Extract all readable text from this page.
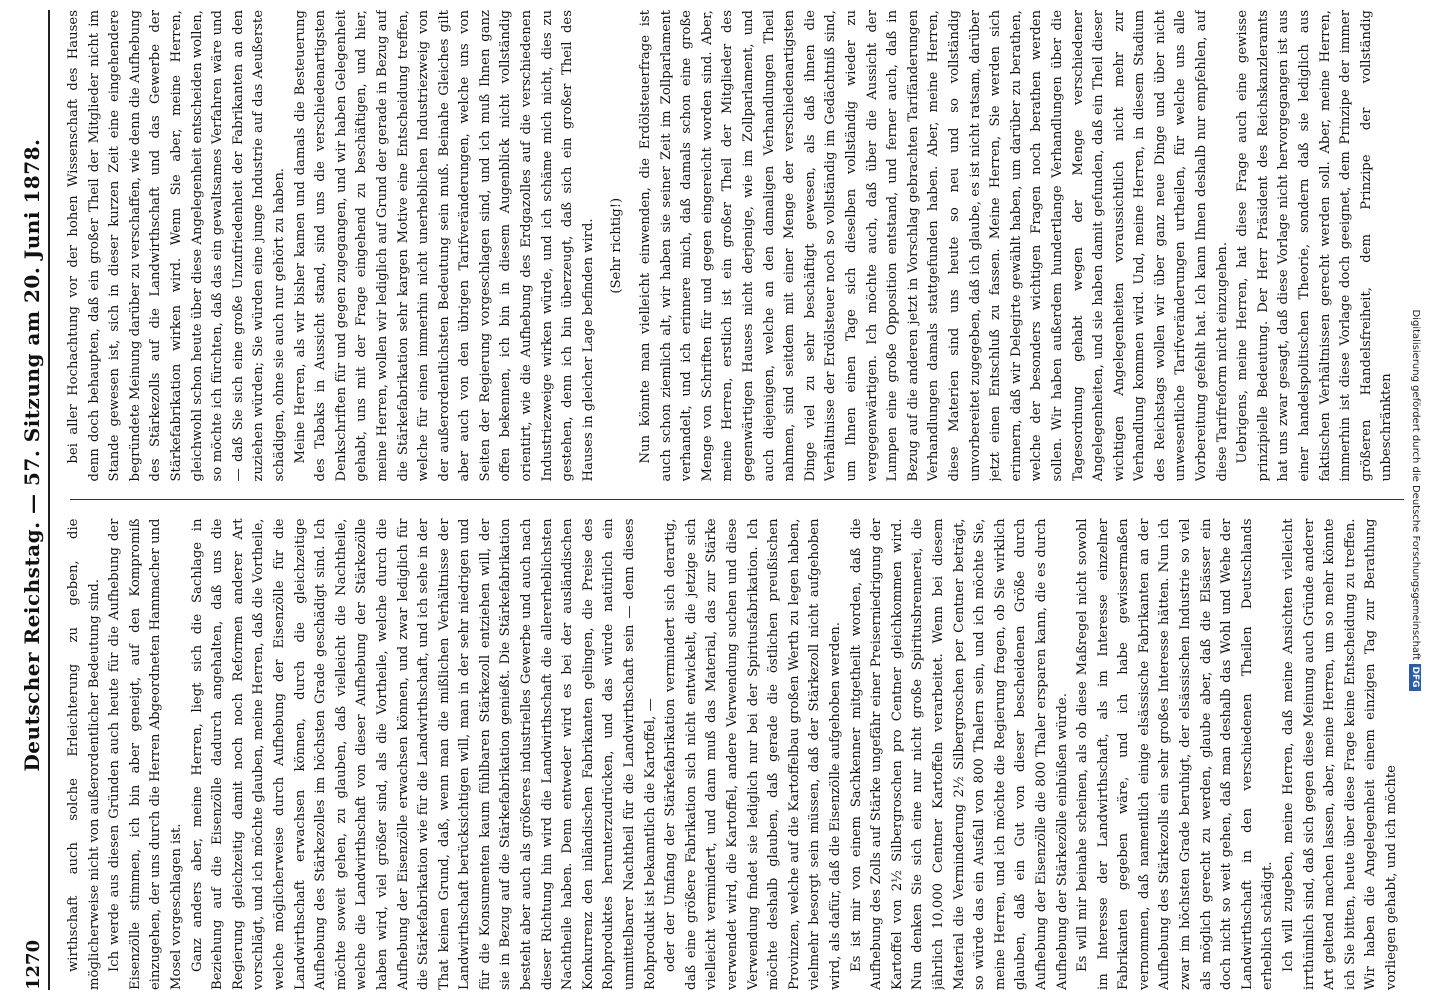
1270
Deutscher Reichstag. — 57. Sitzung am 20. Juni 1878. wirthschaft auch solche Erleichterung zu geben, die möglicherweise nicht von außerordentlicher Bedeutung sind. Ich werde aus diesen Gründen auch heute für die Aufhebung der Eisenzölle stimmen, ich bin aber geneigt, auf den Kompromiß einzugehen, der uns durch die Herren Abgeordneten Hammacher und Mosel vorgeschlagen ist. Ganz anders aber, meine Herren, liegt sich die Sachlage in Beziehung auf die Eisenzölle dadurch angehalten, daß uns die Regierung gleichzeitig damit noch noch Reformen anderer Art vorschlägt, und ich möchte glauben, meine Herren, daß die Vortheile, welche möglicherweise durch Aufhebung der Eisenzölle für die Landwirthschaft erwachsen können, durch die gleichzeitige Aufhebung des Stärkezolles im höchsten Grade geschädigt sind. Ich möchte soweit gehen, zu glauben, daß vielleicht die Nachtheile, welche die Landwirthschaft von dieser Aufhebung der Stärkezölle haben wird, viel größer sind, als die Vortheile, welche durch die Aufhebung der Eisenzölle erwachsen können, und zwar lediglich für die Stärkefabrikation wie für die Landwirthschaft, und ich sehe in der That keinen Grund, daß, wenn man die mißlichen Verhältnisse der Landwirthschaft berücksichtigen will, man in der sehr niedrigen und für die Konsumenten kaum fühlbaren Stärkezoll entziehen will, der sie in Bezug auf die Stärkefabrikation genießt. Die Stärkefabrikation besteht aber auch als größeres industrielles Gewerbe und auch nach dieser Richtung hin wird die Landwirthschaft die allererheblichsten Nachtheile haben. Denn entweder wird es bei der ausländischen Konkurrenz den inländischen Fabrikanten gelingen, die Preise des Rohproduktes herunterzudrücken, und das würde natürlich ein unmittelbarer Nachtheil für die Landwirthschaft sein — denn dieses Rohprodukt ist bekanntlich die Kartoffel, — oder der Umfang der Stärkefabrikation vermindert sich derartig, daß eine größere Fabrikation sich nicht entwickelt, die jetzige sich vielleicht vermindert, und dann muß das Material, das zur Stärke verwendet wird, die Kartoffel, andere Verwendung suchen und diese Verwendung findet sie lediglich nur bei der Spiritusfabrikation. Ich möchte deshalb glauben, daß gerade die östlichen preußischen Provinzen, welche auf die Kartoffelbau großen Werth zu legen haben, vielmehr besorgt sein müssen, daß der Stärkezoll nicht aufgehoben wird, als dafür, daß die Eisenzölle aufgehoben werden. Es ist mir von einem Sachkenner mitgetheilt worden, daß die Aufhebung des Zolls auf Stärke ungefähr einer Preiserniedrigung der Kartoffel von 2½ Silbergroschen pro Centner gleichkommen wird. Nun denken Sie sich eine nur nicht große Spiritusbrennerei, die jährlich 10,000 Centner Kartoffeln verarbeitet. Wenn bei diesem Material die Verminderung 2½ Silbergroschen per Centner beträgt, so würde das ein Ausfall von 800 Thalern sein, und ich möchte Sie, meine Herren, und ich möchte die Regierung fragen, ob Sie wirklich glauben, daß ein Gut von dieser bescheidenen Größe durch Aufhebung der Eisenzölle die 800 Thaler ersparen kann, die es durch Aufhebung der Stärkezölle einbüßen würde. Es will mir beinahe scheinen, als ob diese Maßregel nicht sowohl im Interesse der Landwirthschaft, als im Interesse einzelner Fabrikanten gegeben wäre, und ich habe gewissermaßen vernommen, daß namentlich einige elsässische Fabrikanten an der Aufhebung des Stärkezolls ein sehr großes Interesse hätten. Nun ich zwar im höchsten Grade beruhigt, der elsässischen Industrie so viel als möglich gerecht zu werden, glaube aber, daß die Elsässer ein doch nicht so weit gehen, daß man deshalb das Wohl und Wehe der Landwirthschaft in den verschiedenen Theilen Deutschlands erheblich schädigt. Ich will zugeben, meine Herren, daß meine Ansichten vielleicht irrthümlich sind, daß sich gegen diese Meinung auch Gründe anderer Art geltend machen lassen, aber, meine Herren, um so mehr könnte ich Sie bitten, heute über diese Frage keine Entscheidung zu treffen. Wir haben die Angelegenheit einem einzigen Tag zur Berathung vorliegen gehabt, und ich möchte

bei aller Hochachtung vor der hohen Wissenschaft des Hauses denn doch behaupten, daß ein großer Theil der Mitglieder nicht im Stande gewesen ist, sich in dieser kurzen Zeit eine eingehendere begründete Meinung darüber zu verschaffen, wie denn die Aufhebung des Stärkezolls auf die Landwirthschaft und das Gewerbe der Stärkefabrikation wirken wird. Wenn Sie aber, meine Herren, gleichwohl schon heute über diese Angelegenheit entscheiden wollen, so möchte ich fürchten, daß das ein gewaltsames Verfahren wäre und — daß Sie sich eine große Unzufriedenheit der Fabrikanten an den zuziehen würden; Sie würden eine junge Industrie auf das Aeußerste schädigen, ohne sie auch nur gehört zu haben. Meine Herren, als wir bisher kamen und damals die Besteuerung des Tabaks in Aussicht stand, sind uns die verschiedenartigsten Denkschriften für und gegen zugegangen, und wir haben Gelegenheit gehabt, uns mit der Frage eingehend zu beschäftigen, und hier, meine Herren, wollen wir lediglich auf Grund der gerade in Bezug auf die Stärkefabrikation sehr kargen Motive eine Entscheidung treffen, welche für einen immerhin nicht unerheblichen Industriezweig von der außerordentlichsten Bedeutung sein muß. Beinahe Gleiches gilt aber auch von den übrigen Tarifveränderungen, welche uns von Seiten der Regierung vorgeschlagen sind, und ich muß Ihnen ganz offen bekennen, ich bin in diesem Augenblick nicht vollständig orientirt, wie die Aufhebung des Erdgazolles auf die verschiedenen Industriezweige wirken würde, und ich schäme mich nicht, dies zu gestehen, denn ich bin überzeugt, daß sich ein großer Theil des Hauses in gleicher Lage befinden wird. (Sehr richtig!) Nun könnte man vielleicht einwenden, die Erdölsteuerfrage ist auch schon ziemlich alt, wir haben sie seiner Zeit im Zollparlament verhandelt, und ich erinnere mich, daß damals schon eine große Menge von Schriften für und gegen eingereicht worden sind. Aber, meine Herren, erstlich ist ein großer Theil der Mitglieder des gegenwärtigen Hauses nicht derjenige, wie im Zollparlament, und auch diejenigen, welche an den damaligen Verhandlungen Theil nahmen, sind seitdem mit einer Menge der verschiedenartigsten Dinge viel zu sehr beschäftigt gewesen, als daß ihnen die Verhältnisse der Erdölsteuer noch so vollständig im Gedächtniß sind, um Ihnen einen Tage sich dieselben vollständig wieder zu vergegenwärtigen. Ich möchte auch, daß über die Aussicht der Lumpen eine große Opposition entstand, und ferner auch, daß in Bezug auf die anderen jetzt in Vorschlag gebrachten Tarifänderungen Verhandlungen damals stattgefunden haben. Aber, meine Herren, diese Materien sind uns heute so neu und so vollständig unvorbereitet zugegeben, daß ich glaube, es ist nicht ratsam, darüber jetzt einen Entschluß zu fassen. Meine Herren, Sie werden sich erinnern, daß wir Delegirte gewählt haben, um darüber zu berathen, welche der besonders wichtigen Fragen noch berathen werden sollen. Wir haben außerdem hundertlange Verhandlungen über die Tagesordnung gehabt wegen der Menge verschiedener Angelegenheiten, und sie haben damit gefunden, daß ein Theil dieser wichtigen Angelegenheiten voraussichtlich nicht mehr zur Verhandlung kommen wird. Und, meine Herren, in diesem Stadium des Reichstags wollen wir über ganz neue Dinge und über nicht unwesentliche Tarifveränderungen urtheilen, für welche uns alle Vorbereitung gefehlt hat. Ich kann Ihnen deshalb nur empfehlen, auf diese Tarifreform nicht einzugehen. Uebrigens, meine Herren, hat diese Frage auch eine gewisse prinzipielle Bedeutung. Der Herr Präsident des Reichskanzleramts hat uns zwar gesagt, daß diese Vorlage nicht hervorgegangen ist aus einer handelspolitischen Theorie, sondern daß sie lediglich aus faktischen Verhältnissen gerecht werden soll. Aber, meine Herren, immerhin ist diese Vorlage doch geeignet, dem Prinzipe der immer größeren Handelsfreiheit, dem Prinzipe der vollständig unbeschränkten	Digitalisierung gefördert durch die Deutsche Forschungsgemeinschaft DFG
